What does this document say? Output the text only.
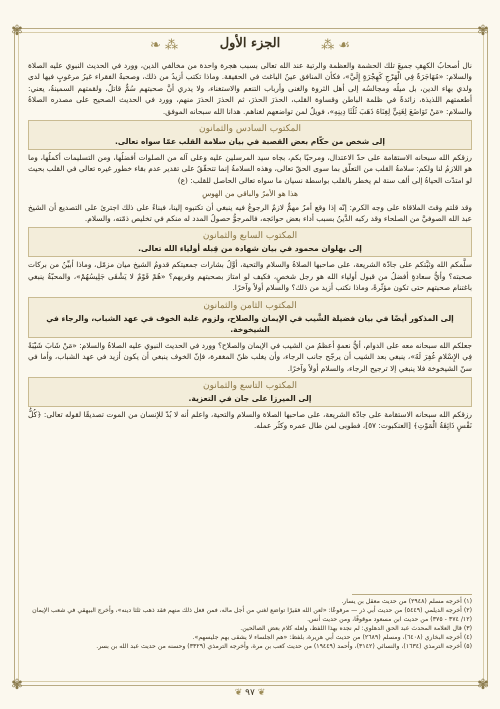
✾	✾
✾	✾
❧ ⁂	الجزء الأول	⁂ ☙

نال أصحابُ الكهفِ جميعَ تلك الحشمة والعظمة والرتبة عند الله تعالى بسبب هجرة واحدة من مخالفي الدين، وورد في الحديث النبوي عليه الصلاة والسلام: «مُهَاجَرَةٌ فِي الْهَرْجِ كَهِجْرَةٍ إِلَيَّ»، فكأن المنافق عينُ الباغث في الحقيقة. وماذا تكتب أزيدُ من ذلك، وصحبةُ الفقراء غيرُ مرغوبٍ فيها لدى ولدي بهاء الدين، بل ميلُه ومجالسُه إلى أهل الثروة والغنى وأرباب التنعم والاستغناء، ولا يدري أنَّ صحبتهم سُمٌّ قاتلٌ، ولقمتهم السمينةُ، يعني: أطعمتهم اللذيذة، زائدةٌ في ظلمة الباطن وقساوة القلب، الحذرَ الحذرَ، ثم الحذرَ الحذرَ منهم، وورد في الحديث الصحيح على مصدره الصلاةُ والسلام: «مَنْ تَوَاضَعَ لِغَنِيٍّ لِغِنَاهُ ذَهَبَ ثُلُثَا دِينِهِ»، فويلٌ لمن تواضعهم لغناهم. هدانا الله سبحانه الموفق.

المكتوب السادس والثمانون
إلى شخص من حكّام بعض القصبة في بيان سلامة القلب عمّا سواه تعالى.

رزقكم الله سبحانه الاستقامة على حدّ الاعتدال، ومرحبًا بكم، بجاه سيد المرسلين عليه وعلى آله من الصلوات أفضلُها، ومن التسليمات أكملُها، وما هو اللازمُ لنا ولكم: سلامةُ القلب من التعلّق بما سوى الحقّ تعالى، وهذه السلامةُ إنما تتحقّقُ على تقدير عدم بقاء خطور غيره تعالى في القلب بحيث لو امتدّت الحياةُ إلى ألف سنة لم يخطر بالقلب بواسطة نسيان ما سواه تعالى الحاصل للقلب: (ع)

هذا هو الأمرُ والباقي من الهوسِ

وقد قلتم وقتَ الملاقاة على وجه الكرم: إنّه إذا وقع أمرٌ مهمٌّ لازمٌ الرجوعُ فيه ينبغي أن تكتبوه إلينا، فبناءً على ذلك اجترئ على التصديع أن الشيخ عبد الله الصوفيَّ من الصلحاء وقد ركبه الدَّينُ بسبب أداء بعض حوائجه، فالمرجوُّ حصولُ المدد له منكم في تخليص ذمّته، والسلام.

المكتوب السابع والثمانون
إلى بهلوان محمود في بيان شهادة من قِبله أولياء الله تعالى.

سلَّمكم الله وثبَّتكم على جادّة الشريعة، على صاحبها الصلاةُ والسلام والتحية، أوَّلُ بشارات جمعيتكم قدومُ الشيخ ميان مزمّل، وماذا أبيِّنُ من بركات صحبته؟ وأيُّ سعادةٍ أفضلُ من قبول أولياء الله هو رجل شخصٍ، فكيف لو امتاز بصحبتهم وقربهم؟ «هُمْ قَوْمٌ لا يَشْقَى جَلِيسُهُمْ»، والمحبّةُ ينبغي باغتنام صحبتهم حتى تكون مؤثّرةً، وماذا نكتب أزيد من ذلك؟ والسلام أولاً وآخرًا.

المكتوب الثامن والثمانون
إلى المذكور أيضًا في بيان فضيلة الشَّيب في الإيمان والصلاح، ولزوم غلبة الخوف في عهد الشباب، والرجاء في الشيخوخة.

جعلكم الله سبحانه معه على الدوام، أيُّ نعمةٍ أعظمُ من الشيب في الإيمان والصلاح؟ وورد في الحديث النبوي عليه الصلاةُ والسلام: «مَنْ شَابَ شَيْبَةً فِي الإِسْلامِ غُفِرَ لَهُ»، ينبغي بعد الشيب أن يرجّح جانب الرجاء، وأن يغلب ظنّ المغفرة، فإنّ الخوف ينبغي أن يكون أزيد في عهد الشباب، وأما في سنّ الشيخوخة فلا ينبغي إلا ترجيح الرجاء، والسلام أولاً وآخرًا.

المكتوب التاسع والثمانون
إلى الميرزا على جان في التعزية.

رزقكم الله سبحانه الاستقامة على جادّة الشريعة، على صاحبها الصلاة والسلام والتحية، واعلم أنه لا بُدّ للإنسان من الموت تصديقًا لقوله تعالى: ﴿كُلُّ نَفْسٍ ذَائِقَةُ الْمَوْتِ﴾ [العنكبوت: ٥٧]، فطوبى لمن طال عمره وكثُر عمله.

(١) أخرجه مسلم (٢٩٤٨) من حديث معقل بن يسار.
(٢) أخرجه الديلمي (٥٤٤٩) من حديث أبي ذر — مرفوعًا: «لعن الله فقيرًا تواضع لغني من أجل ماله، فمن فعل ذلك منهم فقد ذهب ثلثا دينه»، وأخرج البيهقي في شعب الإيمان (١٢/ ٣٧٤ - ٣٧٥) من حديث ابن مسعود موقوفًا، ومن حديث أنس.
(٣) قال العلامة المحدث عبد الحق الدهلوي: لم نجده بهذا اللفظ، ولعله كلام بعض الصالحين.
(٤) أخرجه البخاري (٦٤٠٨)، ومسلم (٢٦٨٩) من حديث أبي هريرة، بلفظ: «هم الجلساء لا يشقى بهم جليسهم».
(٥) أخرجه الترمذي (١٦٣٤)، والنسائي (٣١٤٢)، وأحمد (١٩٤٤٩) من حديث كعب بن مرة، وأخرجه الترمذي (٣٣٢٩) وحسنه من حديث عبد الله بن بسر.
❦ ٩٧ ❦
